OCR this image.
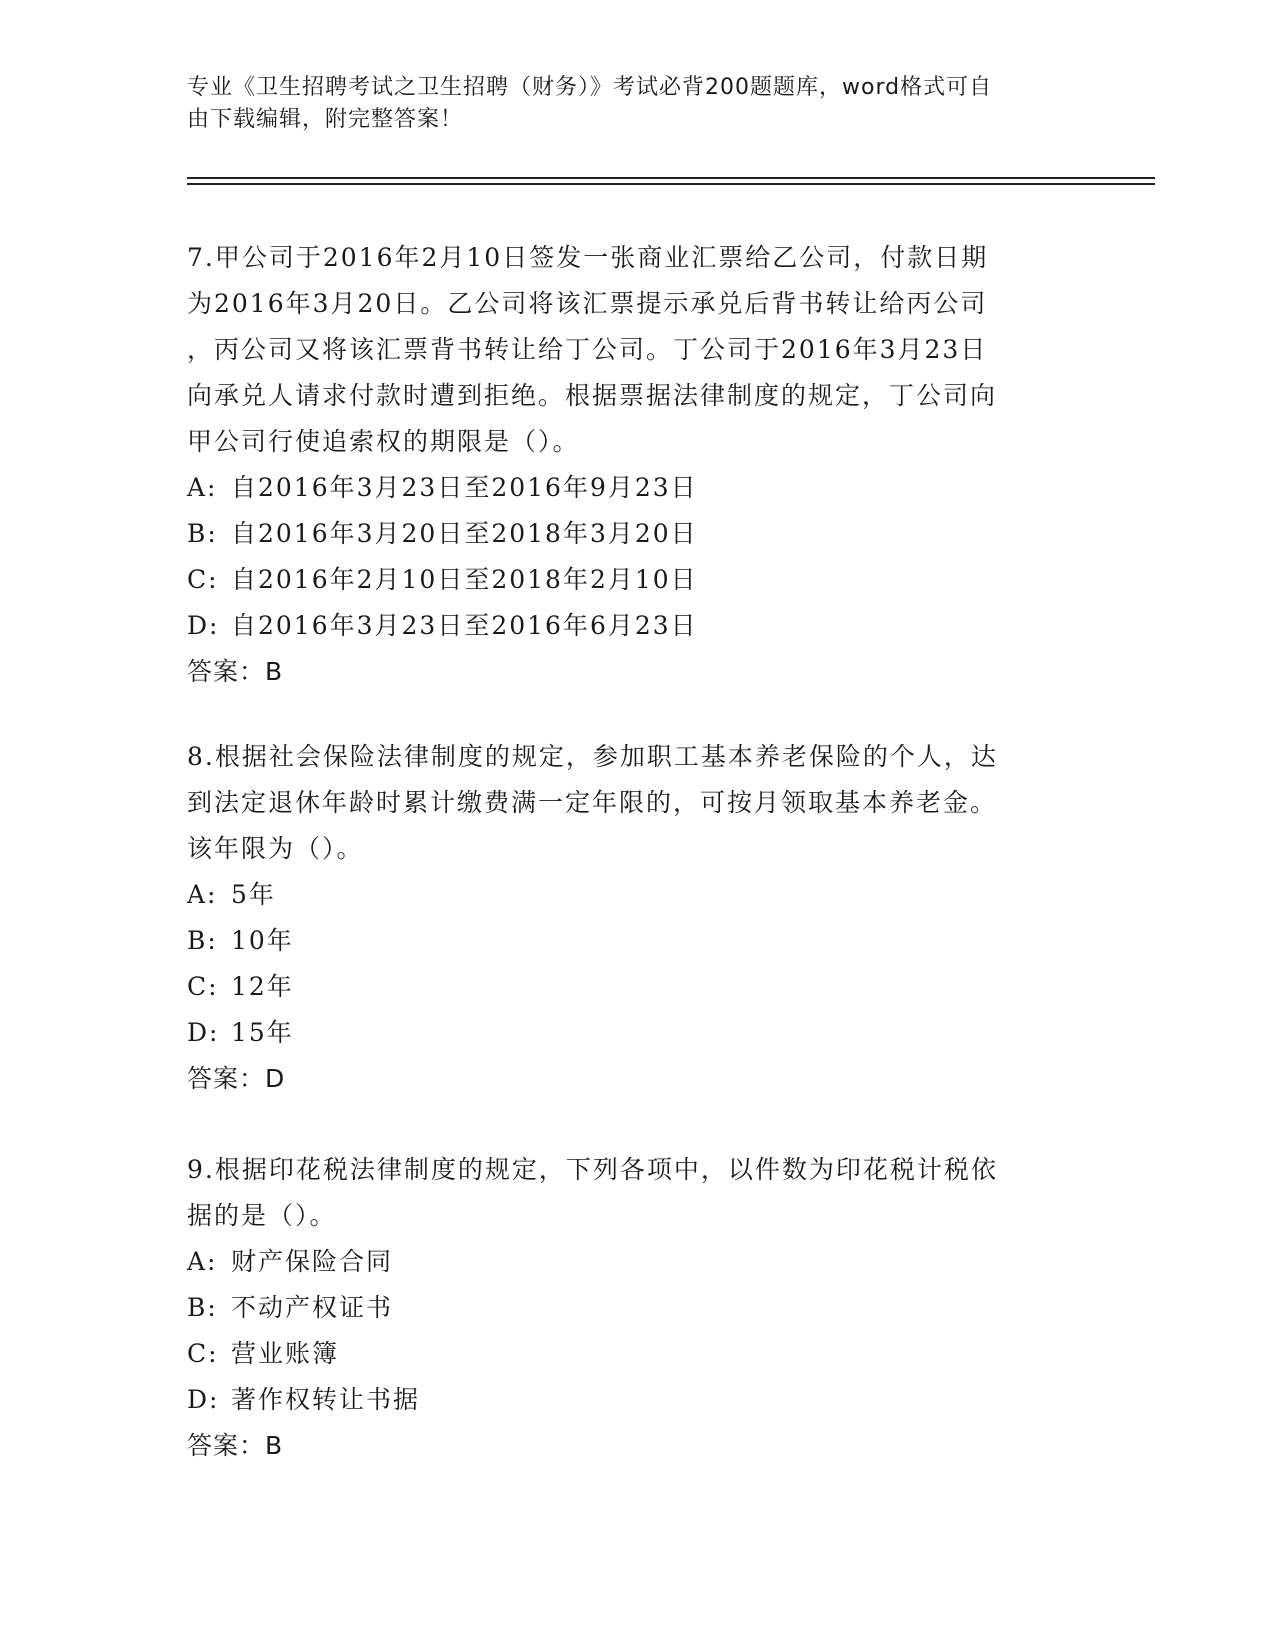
专业《卫生招聘考试之卫生招聘（财务）》考试必背200题题库，word格式可自
由下载编辑，附完整答案！

7.甲公司于2016年2月10日签发一张商业汇票给乙公司，付款日期

为2016年3月20日。乙公司将该汇票提示承兑后背书转让给丙公司

，丙公司又将该汇票背书转让给丁公司。丁公司于2016年3月23日

向承兑人请求付款时遭到拒绝。根据票据法律制度的规定，丁公司向

甲公司行使追索权的期限是（）。

A: 自2016年3月23日至2016年9月23日

B: 自2016年3月20日至2018年3月20日

C: 自2016年2月10日至2018年2月10日

D: 自2016年3月23日至2016年6月23日

答案：B

8.根据社会保险法律制度的规定，参加职工基本养老保险的个人，达

到法定退休年龄时累计缴费满一定年限的，可按月领取基本养老金。

该年限为（）。

A: 5年

B: 10年

C: 12年

D: 15年

答案：D

9.根据印花税法律制度的规定，下列各项中，以件数为印花税计税依

据的是（）。

A: 财产保险合同

B: 不动产权证书

C: 营业账簿

D: 著作权转让书据

答案：B
